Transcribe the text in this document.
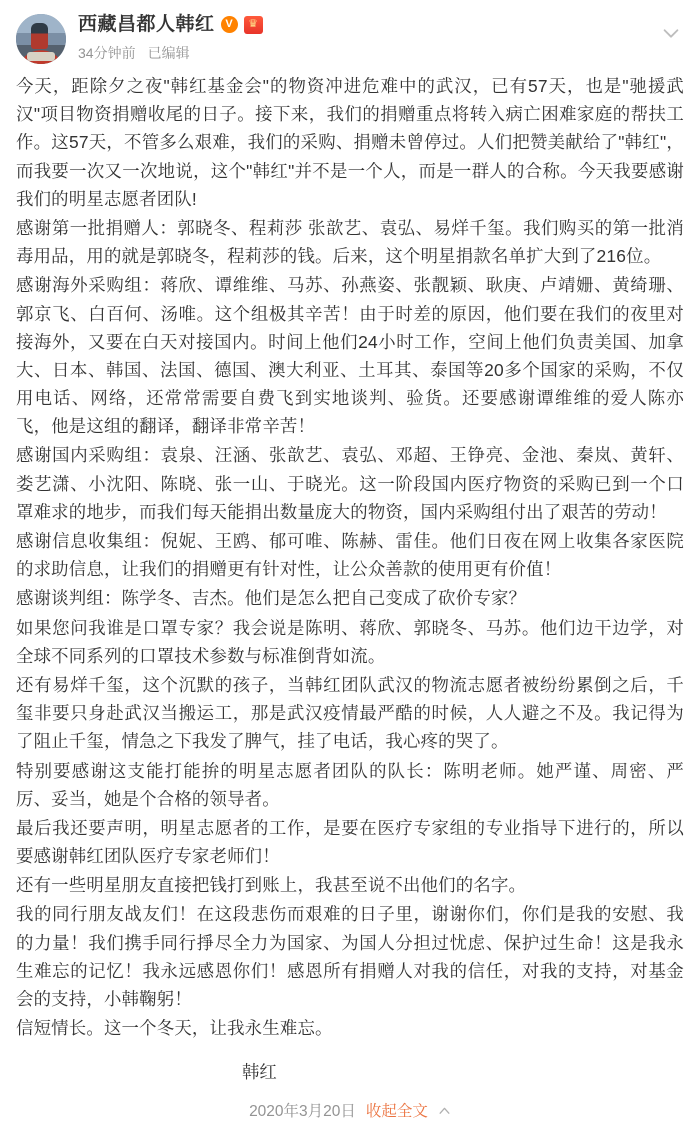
西藏昌都人韩红 V	♛
34分钟前 已编辑

今天，距除夕之夜"韩红基金会"的物资冲进危难中的武汉，已有57天，也是"驰援武汉"项目物资捐赠收尾的日子。接下来，我们的捐赠重点将转入病亡困难家庭的帮扶工作。这57天，不管多么艰难，我们的采购、捐赠未曾停过。人们把赞美献给了"韩红"，而我要一次又一次地说，这个"韩红"并不是一个人，而是一群人的合称。今天我要感谢我们的明星志愿者团队!

感谢第一批捐赠人：郭晓冬、程莉莎 张歆艺、袁弘、易烊千玺。我们购买的第一批消毒用品，用的就是郭晓冬，程莉莎的钱。后来，这个明星捐款名单扩大到了216位。

感谢海外采购组：蒋欣、谭维维、马苏、孙燕姿、张靓颖、耿庚、卢靖姗、黄绮珊、郭京飞、白百何、汤唯。这个组极其辛苦！由于时差的原因，他们要在我们的夜里对接海外，又要在白天对接国内。时间上他们24小时工作，空间上他们负责美国、加拿大、日本、韩国、法国、德国、澳大利亚、土耳其、泰国等20多个国家的采购，不仅用电话、网络，还常常需要自费飞到实地谈判、验货。还要感谢谭维维的爱人陈亦飞，他是这组的翻译，翻译非常辛苦！

感谢国内采购组：袁泉、汪涵、张歆艺、袁弘、邓超、王铮亮、金池、秦岚、黄轩、娄艺潇、小沈阳、陈晓、张一山、于晓光。这一阶段国内医疗物资的采购已到一个口罩难求的地步，而我们每天能捐出数量庞大的物资，国内采购组付出了艰苦的劳动！

感谢信息收集组：倪妮、王鸥、郁可唯、陈赫、雷佳。他们日夜在网上收集各家医院的求助信息，让我们的捐赠更有针对性，让公众善款的使用更有价值！

感谢谈判组：陈学冬、吉杰。他们是怎么把自己变成了砍价专家？

如果您问我谁是口罩专家？我会说是陈明、蒋欣、郭晓冬、马苏。他们边干边学，对全球不同系列的口罩技术参数与标准倒背如流。

还有易烊千玺，这个沉默的孩子，当韩红团队武汉的物流志愿者被纷纷累倒之后，千玺非要只身赴武汉当搬运工，那是武汉疫情最严酷的时候，人人避之不及。我记得为了阻止千玺，情急之下我发了脾气，挂了电话，我心疼的哭了。

特别要感谢这支能打能拚的明星志愿者团队的队长：陈明老师。她严谨、周密、严厉、妥当，她是个合格的领导者。

最后我还要声明，明星志愿者的工作，是要在医疗专家组的专业指导下进行的，所以要感谢韩红团队医疗专家老师们！

还有一些明星朋友直接把钱打到账上，我甚至说不出他们的名字。

我的同行朋友战友们！在这段悲伤而艰难的日子里，谢谢你们，你们是我的安慰、我的力量！我们携手同行掙尽全力为国家、为国人分担过忧虑、保护过生命！这是我永生难忘的记忆！我永远感恩你们！感恩所有捐赠人对我的信任，对我的支持，对基金会的支持，小韩鞠躬！

信短情长。这一个冬天，让我永生难忘。

韩红
2020年3月20日 收起全文
